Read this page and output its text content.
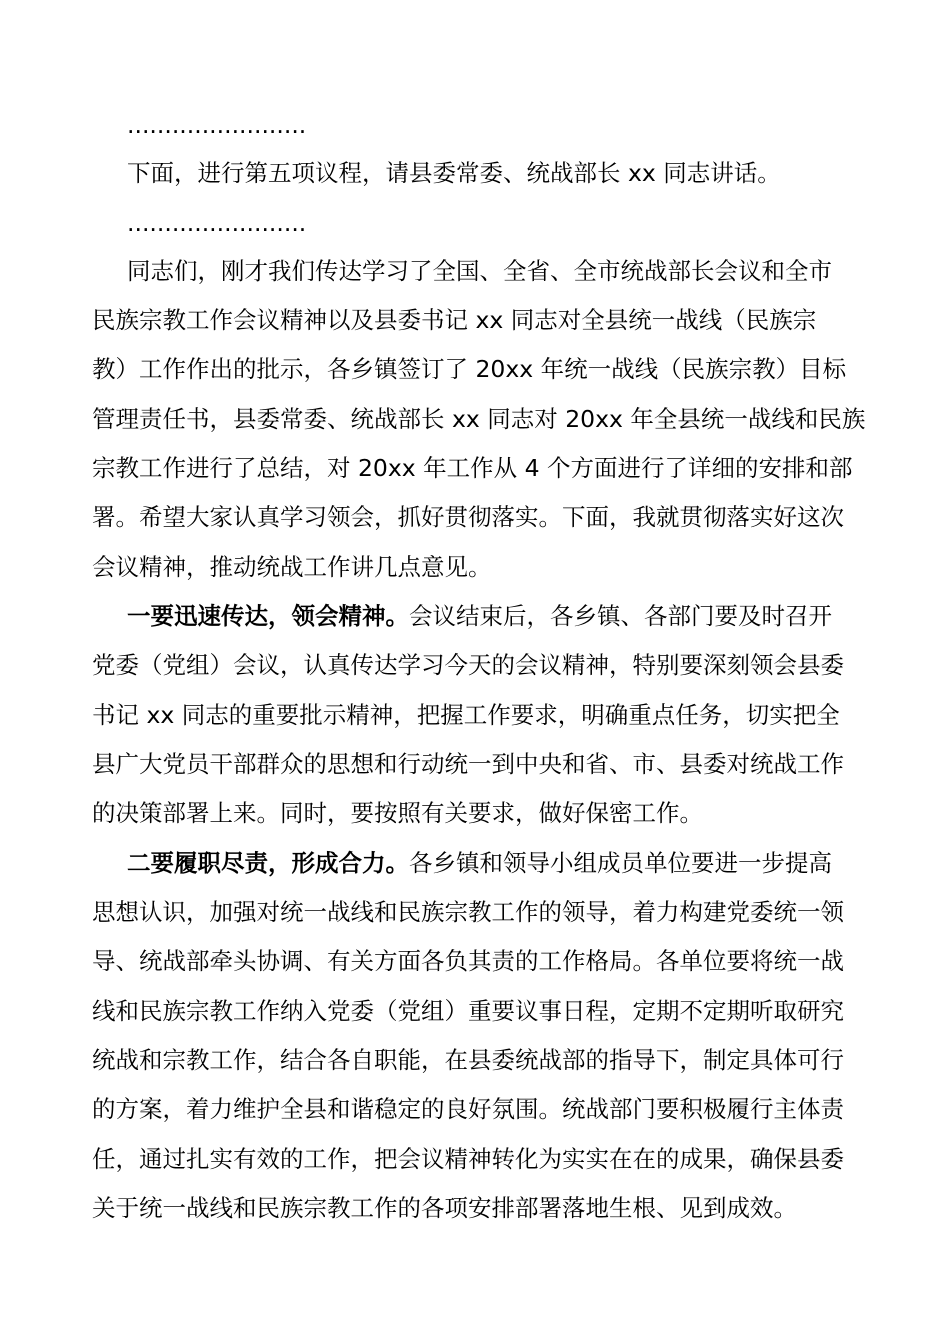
........................
下面，进行第五项议程，请县委常委、统战部长 xx 同志讲话。
........................
同志们，刚才我们传达学习了全国、全省、全市统战部长会议和全市
民族宗教工作会议精神以及县委书记 xx 同志对全县统一战线（民族宗
教）工作作出的批示，各乡镇签订了 20xx 年统一战线（民族宗教）目标
管理责任书，县委常委、统战部长 xx 同志对 20xx 年全县统一战线和民族
宗教工作进行了总结，对 20xx 年工作从 4 个方面进行了详细的安排和部
署。希望大家认真学习领会，抓好贯彻落实。下面，我就贯彻落实好这次
会议精神，推动统战工作讲几点意见。
一要迅速传达，领会精神。会议结束后，各乡镇、各部门要及时召开
党委（党组）会议，认真传达学习今天的会议精神，特别要深刻领会县委
书记 xx 同志的重要批示精神，把握工作要求，明确重点任务，切实把全
县广大党员干部群众的思想和行动统一到中央和省、市、县委对统战工作
的决策部署上来。同时，要按照有关要求，做好保密工作。
二要履职尽责，形成合力。各乡镇和领导小组成员单位要进一步提高
思想认识，加强对统一战线和民族宗教工作的领导，着力构建党委统一领
导、统战部牵头协调、有关方面各负其责的工作格局。各单位要将统一战
线和民族宗教工作纳入党委（党组）重要议事日程，定期不定期听取研究
统战和宗教工作，结合各自职能，在县委统战部的指导下，制定具体可行
的方案，着力维护全县和谐稳定的良好氛围。统战部门要积极履行主体责
任，通过扎实有效的工作，把会议精神转化为实实在在的成果，确保县委
关于统一战线和民族宗教工作的各项安排部署落地生根、见到成效。
